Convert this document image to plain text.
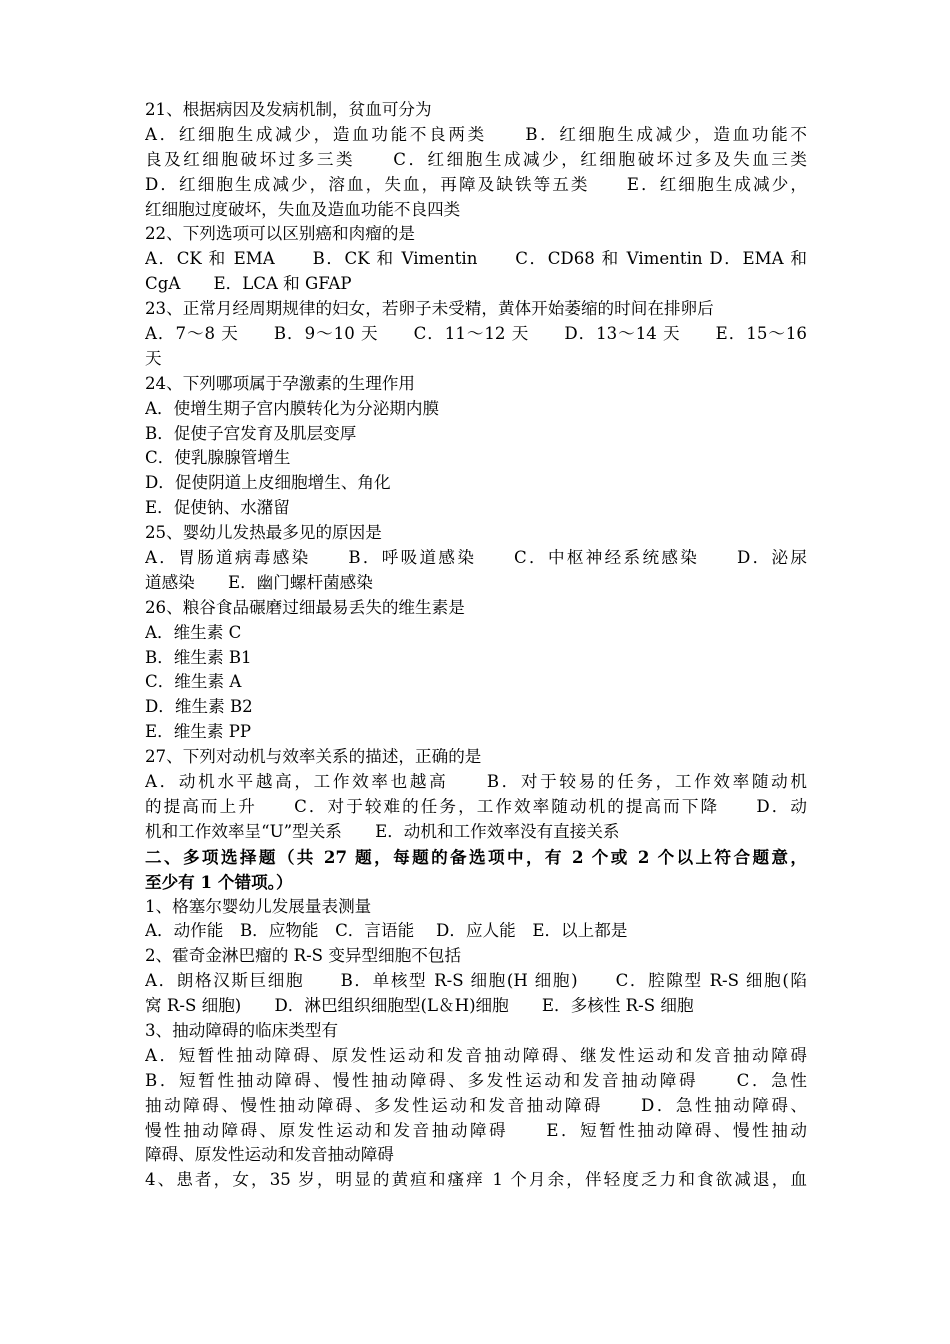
21、根据病因及发病机制，贫血可分为
A．红细胞生成减少，造血功能不良两类　　B．红细胞生成减少，造血功能不
良及红细胞破坏过多三类　　C．红细胞生成减少，红细胞破坏过多及失血三类
D．红细胞生成减少，溶血，失血，再障及缺铁等五类　　E．红细胞生成减少，
红细胞过度破坏，失血及造血功能不良四类
22、下列选项可以区别癌和肉瘤的是
A．CK 和 EMA　　B．CK 和 Vimentin　　C．CD68 和 Vimentin D．EMA 和
CgA　　E．LCA 和 GFAP
23、正常月经周期规律的妇女，若卵子未受精，黄体开始萎缩的时间在排卵后
A．7～8 天　　B．9～10 天　　C．11～12 天　　D．13～14 天　　E．15～16
天
24、下列哪项属于孕激素的生理作用
A．使增生期子宫内膜转化为分泌期内膜
B．促使子宫发育及肌层变厚
C．使乳腺腺管增生
D．促使阴道上皮细胞增生、角化
E．促使钠、水潴留
25、婴幼儿发热最多见的原因是
A．胃肠道病毒感染　　B．呼吸道感染　　C．中枢神经系统感染　　D．泌尿
道感染　　E．幽门螺杆菌感染
26、粮谷食品碾磨过细最易丢失的维生素是
A．维生素 C
B．维生素 B1
C．维生素 A
D．维生素 B2
E．维生素 PP
27、下列对动机与效率关系的描述，正确的是
A．动机水平越高，工作效率也越高　　B．对于较易的任务，工作效率随动机
的提高而上升　　C．对于较难的任务，工作效率随动机的提高而下降　　D．动
机和工作效率呈“U”型关系　　E．动机和工作效率没有直接关系
二、多项选择题（共 27 题，每题的备选项中，有 2 个或 2 个以上符合题意，
至少有 1 个错项。）
1、格塞尔婴幼儿发展量表测量
A．动作能　B．应物能　C．言语能　 D．应人能　E．以上都是
2、霍奇金淋巴瘤的 R-S 变异型细胞不包括
A．朗格汉斯巨细胞　　B．单核型 R-S 细胞(H 细胞)　　C．腔隙型 R-S 细胞(陷
窝 R-S 细胞)　　D．淋巴组织细胞型(L＆H)细胞　　E．多核性 R-S 细胞
3、抽动障碍的临床类型有
A．短暂性抽动障碍、原发性运动和发音抽动障碍、继发性运动和发音抽动障碍
B．短暂性抽动障碍、慢性抽动障碍、多发性运动和发音抽动障碍　　C．急性
抽动障碍、慢性抽动障碍、多发性运动和发音抽动障碍　　D．急性抽动障碍、
慢性抽动障碍、原发性运动和发音抽动障碍　　E．短暂性抽动障碍、慢性抽动
障碍、原发性运动和发音抽动障碍
4、患者，女，35 岁，明显的黄疸和瘙痒 1 个月余，伴轻度乏力和食欲减退，血
